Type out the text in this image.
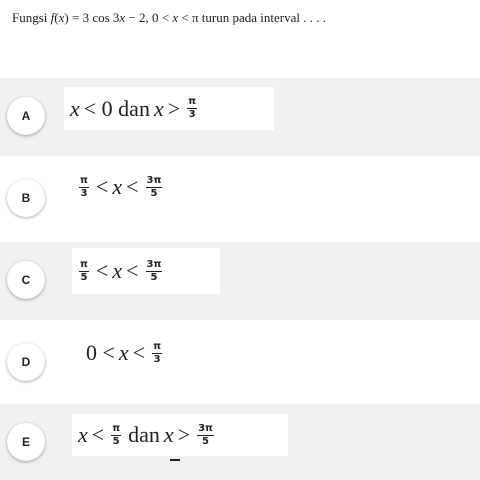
Fungsi f(x) = 3 cos 3x − 2, 0 < x < π turun pada interval . . . .
A	x < 0 dan $x > \frac{\pi}{3}$
B	$\frac{\pi}{3} < x < \frac{3\pi}{5}$
C	$\frac{\pi}{5} < x < \frac{3\pi}{5}$
D	$0 < x < \frac{\pi}{3}$
E	$x < \frac{\pi}{5}$ dan $x > \frac{3\pi}{5}$
